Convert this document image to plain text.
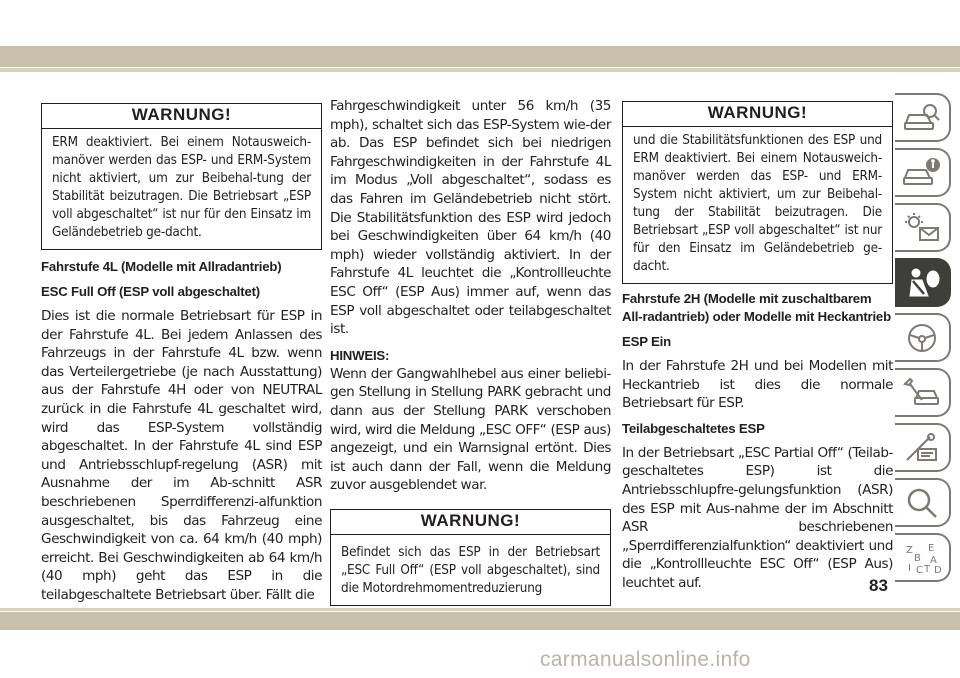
WARNUNG!

ERM deaktiviert. Bei einem Notausweich-manöver werden das ESP- und ERM-System nicht aktiviert, um zur Beibehal-tung der Stabilität beizutragen. Die Betriebsart „ESP voll abgeschaltet“ ist nur für den Einsatz im Geländebetrieb ge-dacht.

Fahrstufe 4L (Modelle mit Allradantrieb)

ESC Full Off (ESP voll abgeschaltet)

Dies ist die normale Betriebsart für ESP in der Fahrstufe 4L. Bei jedem Anlassen des Fahrzeugs in der Fahrstufe 4L bzw. wenn das Verteilergetriebe (je nach Ausstattung) aus der Fahrstufe 4H oder von NEUTRAL zurück in die Fahrstufe 4L geschaltet wird, wird das ESP-System vollständig abgeschaltet. In der Fahrstufe 4L sind ESP und Antriebsschlupf-regelung (ASR) mit Ausnahme der im Ab-schnitt ASR beschriebenen Sperrdifferenzi-alfunktion ausgeschaltet, bis das Fahrzeug eine Geschwindigkeit von ca. 64 km/h (40 mph) erreicht. Bei Geschwindigkeiten ab 64 km/h (40 mph) geht das ESP in die teilabgeschaltete Betriebsart über. Fällt die

Fahrgeschwindigkeit unter 56 km/h (35 mph), schaltet sich das ESP-System wie-der ab. Das ESP befindet sich bei niedrigen Fahrgeschwindigkeiten in der Fahrstufe 4L im Modus „Voll abgeschaltet“, sodass es das Fahren im Geländebetrieb nicht stört. Die Stabilitätsfunktion des ESP wird jedoch bei Geschwindigkeiten über 64 km/h (40 mph) wieder vollständig aktiviert. In der Fahrstufe 4L leuchtet die „Kontrollleuchte ESC Off“ (ESP Aus) immer auf, wenn das ESP voll abgeschaltet oder teilabgeschaltet ist.

HINWEIS:

Wenn der Gangwahlhebel aus einer beliebi-gen Stellung in Stellung PARK gebracht und dann aus der Stellung PARK verschoben wird, wird die Meldung „ESC OFF“ (ESP aus) angezeigt, und ein Warnsignal ertönt. Dies ist auch dann der Fall, wenn die Meldung zuvor ausgeblendet war.

WARNUNG!

Befindet sich das ESP in der Betriebsart „ESC Full Off“ (ESP voll abgeschaltet), sind die Motordrehmomentreduzierung

WARNUNG!

und die Stabilitätsfunktionen des ESP und ERM deaktiviert. Bei einem Notausweich-manöver werden das ESP- und ERM-System nicht aktiviert, um zur Beibehal-tung der Stabilität beizutragen. Die Betriebsart „ESP voll abgeschaltet“ ist nur für den Einsatz im Geländebetrieb ge-dacht.

Fahrstufe 2H (Modelle mit zuschaltbarem All-radantrieb) oder Modelle mit Heckantrieb

ESP Ein

In der Fahrstufe 2H und bei Modellen mit Heckantrieb ist dies die normale Betriebsart für ESP.

Teilabgeschaltetes ESP

In der Betriebsart „ESC Partial Off“ (Teilab-geschaltetes ESP) ist die Antriebsschlupfre-gelungsfunktion (ASR) des ESP mit Aus-nahme der im Abschnitt ASR beschriebenen „Sperrdifferenzialfunktion“ deaktiviert und die „Kontrollleuchte ESC Off“ (ESP Aus) leuchtet auf.

Z E
B A
I C T D
83
carmanualsonline.info
